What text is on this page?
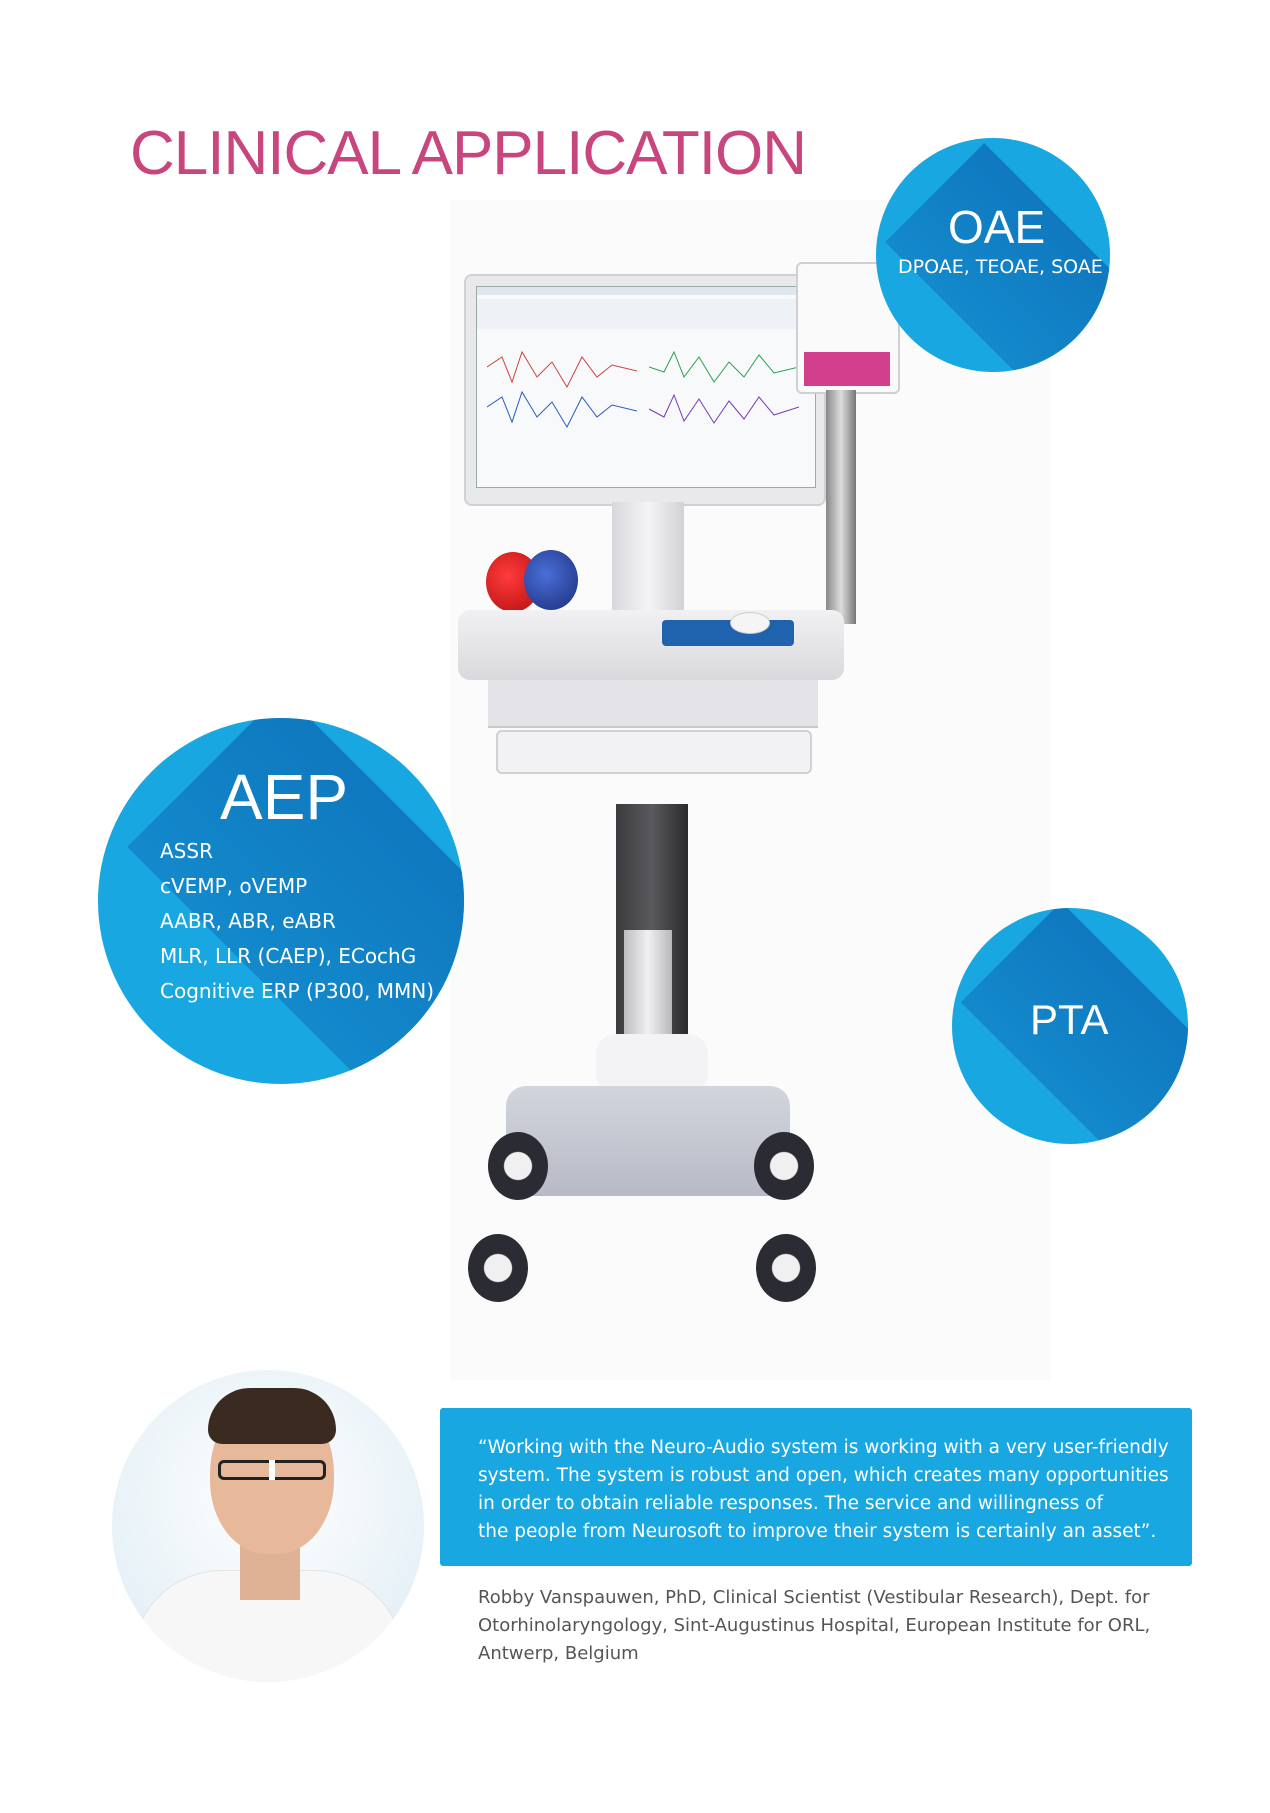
CLINICAL APPLICATION
OAE
DPOAE, TEOAE, SOAE
AEP
ASSR
cVEMP, oVEMP
AABR, ABR, eABR
MLR, LLR (CAEP), ECochG
Cognitive ERP (P300, MMN)
PTA
“Working with the Neuro-Audio system is working with a very user-friendly
system. The system is robust and open, which creates many opportunities
in order to obtain reliable responses. The service and willingness of
the people from Neurosoft to improve their system is certainly an asset”.
Robby Vanspauwen, PhD, Clinical Scientist (Vestibular Research), Dept. for
Otorhinolaryngology, Sint-Augustinus Hospital, European Institute for ORL,
Antwerp, Belgium
